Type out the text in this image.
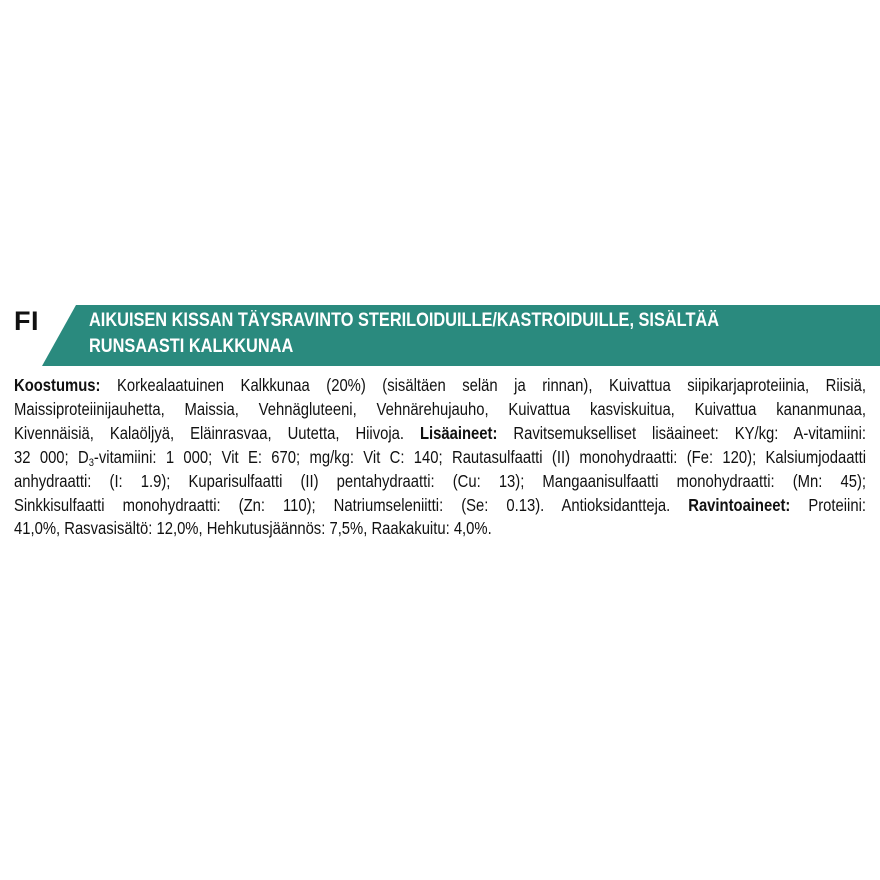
FI	AIKUISEN KISSAN TÄYSRAVINTO STERILOIDUILLE/KASTROIDUILLE, SISÄLTÄÄ
RUNSAASTI KALKKUNAA
Koostumus: Korkealaatuinen Kalkkunaa (20%) (sisältäen selän ja rinnan), Kuivattua siipikarjaproteiinia, Riisiä,
Maissiproteiinijauhetta, Maissia, Vehnägluteeni, Vehnärehujauho, Kuivattua kasviskuitua, Kuivattua kananmunaa,
Kivennäisiä, Kalaöljyä, Eläinrasvaa, Uutetta, Hiivoja. Lisäaineet: Ravitsemukselliset lisäaineet: KY/kg: A-vitamiini:
32 000; $D_3$-vitamiini: 1 000; Vit E: 670; mg/kg: Vit C: 140; Rautasulfaatti (II) monohydraatti: (Fe: 120); Kalsiumjodaatti
anhydraatti: (I: 1.9); Kuparisulfaatti (II) pentahydraatti: (Cu: 13); Mangaanisulfaatti monohydraatti: (Mn: 45);
Sinkkisulfaatti monohydraatti: (Zn: 110); Natriumseleniitti: (Se: 0.13). Antioksidantteja. Ravintoaineet: Proteiini:
41,0%, Rasvasisältö: 12,0%, Hehkutusjäännös: 7,5%, Raakakuitu: 4,0%.
